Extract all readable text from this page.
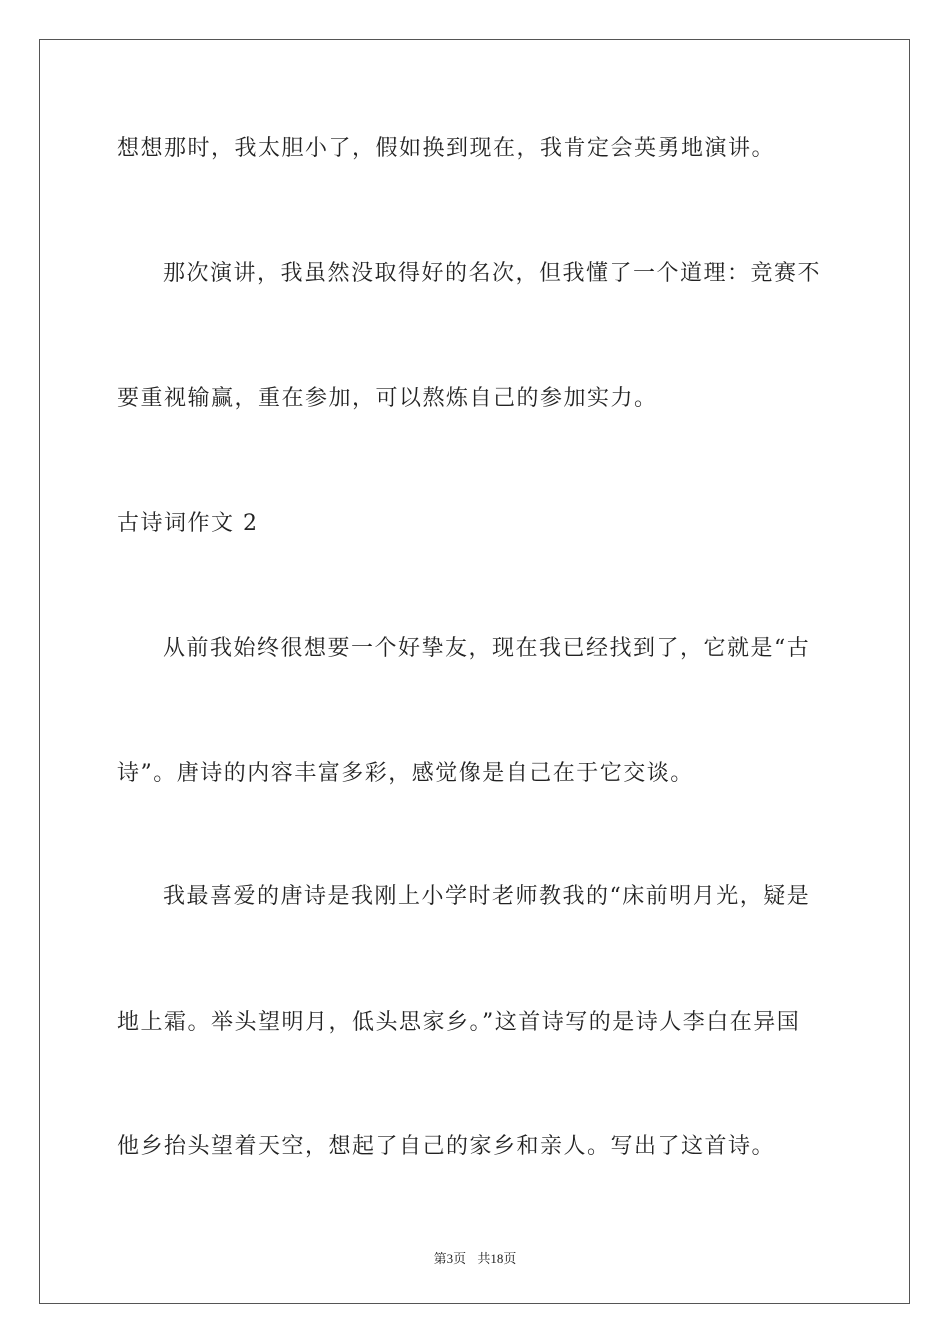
想想那时，我太胆小了，假如换到现在，我肯定会英勇地演讲。
那次演讲，我虽然没取得好的名次，但我懂了一个道理：竞赛不
要重视输赢，重在参加，可以熬炼自己的参加实力。
古诗词作文 2
从前我始终很想要一个好挚友，现在我已经找到了，它就是“古
诗”。唐诗的内容丰富多彩，感觉像是自己在于它交谈。
我最喜爱的唐诗是我刚上小学时老师教我的“床前明月光，疑是
地上霜。举头望明月，低头思家乡。”这首诗写的是诗人李白在异国
他乡抬头望着天空，想起了自己的家乡和亲人。写出了这首诗。
第3页 共18页
